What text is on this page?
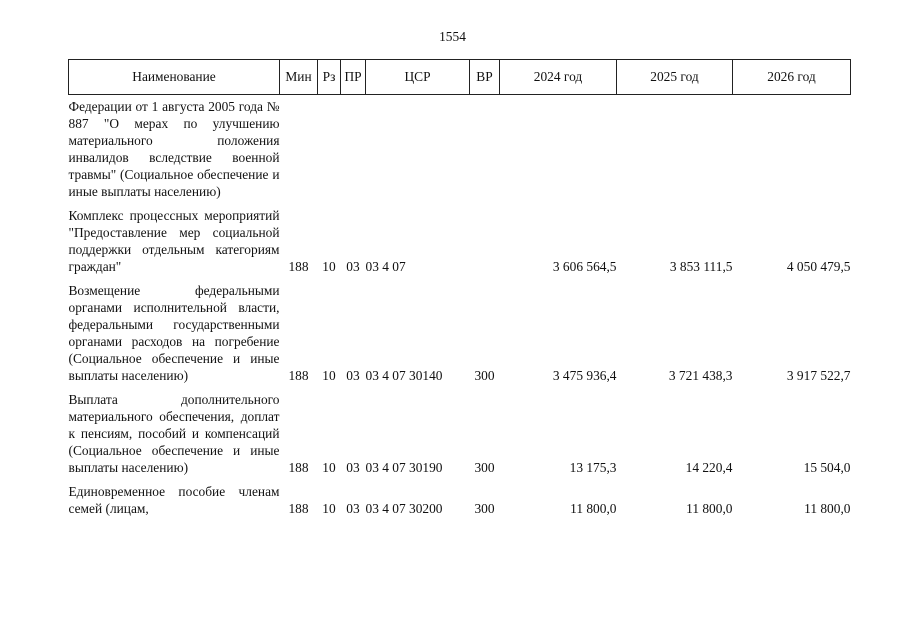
1554
Наименование	Мин	Рз	ПР	ЦСР	ВР	2024 год	2025 год	2026 год
Федерации от 1 августа 2005 года № 887 "О мерах по улучшению материального положения инвалидов вследствие военной травмы" (Социальное обеспечение и иные выплаты населению)								
Комплекс процессных мероприятий "Предоставление мер социальной поддержки отдельным категориям граждан"	188	10	03	03 4 07		3 606 564,5	3 853 111,5	4 050 479,5
Возмещение федеральными органами исполнительной власти, федеральными государственными органами расходов на погребение (Социальное обеспечение и иные выплаты населению)	188	10	03	03 4 07 30140	300	3 475 936,4	3 721 438,3	3 917 522,7
Выплата дополнительного материального обеспечения, доплат к пенсиям, пособий и компенсаций (Социальное обеспечение и иные выплаты населению)	188	10	03	03 4 07 30190	300	13 175,3	14 220,4	15 504,0
Единовременное пособие членам семей (лицам,	188	10	03	03 4 07 30200	300	11 800,0	11 800,0	11 800,0
